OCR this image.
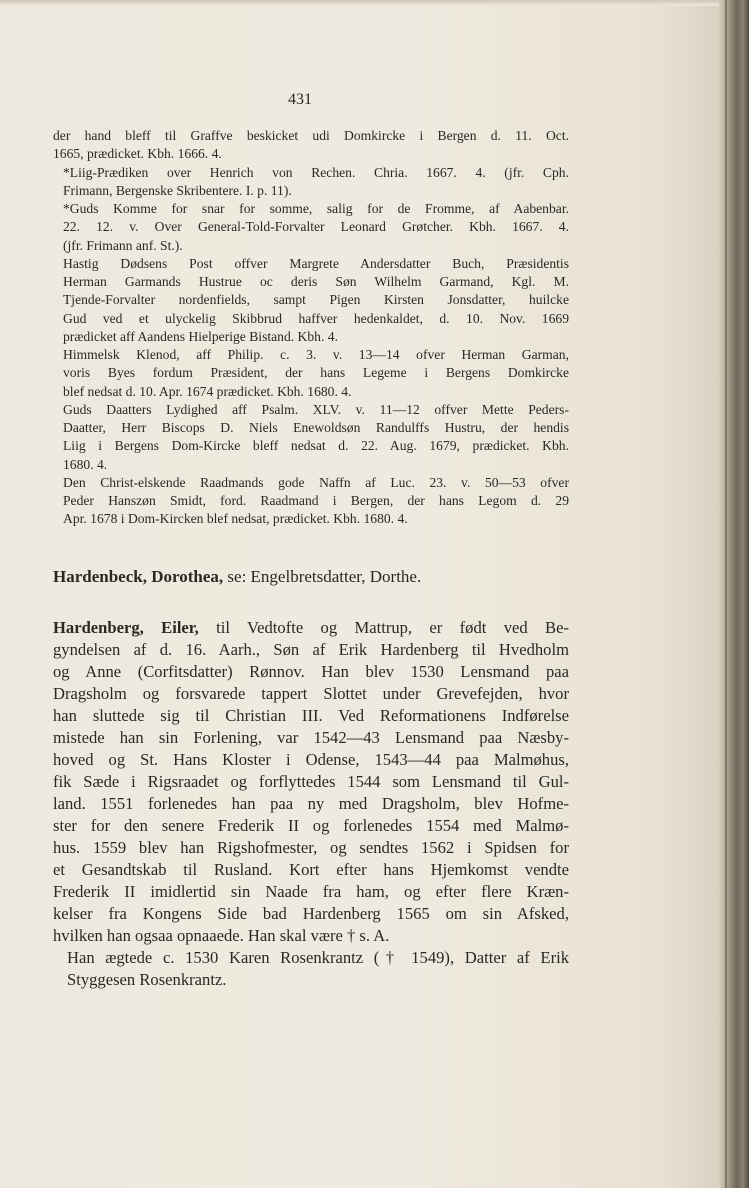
431

der hand bleff til Graffve beskicket udi Domkircke i Bergen d. 11. Oct.
1665, prædicket. Kbh. 1666. 4.

*Liig-Prædiken over Henrich von Rechen. Chria. 1667. 4. (jfr. Cph.
Frimann, Bergenske Skribentere. I. p. 11).

*Guds Komme for snar for somme, salig for de Fromme, af Aabenbar.
22. 12. v. Over General-Told-Forvalter Leonard Grøtcher. Kbh. 1667. 4.
(jfr. Frimann anf. St.).

Hastig Dødsens Post offver Margrete Andersdatter Buch, Præsidentis
Herman Garmands Hustrue oc deris Søn Wilhelm Garmand, Kgl. M.
Tjende-Forvalter nordenfields, sampt Pigen Kirsten Jonsdatter, huilcke
Gud ved et ulyckelig Skibbrud haffver hedenkaldet, d. 10. Nov. 1669
prædicket aff Aandens Hielperige Bistand. Kbh. 4.

Himmelsk Klenod, aff Philip. c. 3. v. 13—14 ofver Herman Garman,
voris Byes fordum Præsident, der hans Legeme i Bergens Domkircke
blef nedsat d. 10. Apr. 1674 prædicket. Kbh. 1680. 4.

Guds Daatters Lydighed aff Psalm. XLV. v. 11—12 offver Mette Peders-
Daatter, Herr Biscops D. Niels Enewoldsøn Randulffs Hustru, der hendis
Liig i Bergens Dom-Kircke bleff nedsat d. 22. Aug. 1679, prædicket. Kbh.
1680. 4.

Den Christ-elskende Raadmands gode Naffn af Luc. 23. v. 50—53 ofver
Peder Hanszøn Smidt, ford. Raadmand i Bergen, der hans Legom d. 29
Apr. 1678 i Dom-Kircken blef nedsat, prædicket. Kbh. 1680. 4.

Hardenbeck, Dorothea, se: Engelbretsdatter, Dorthe.

Hardenberg, Eiler, til Vedtofte og Mattrup, er født ved Be-
gyndelsen af d. 16. Aarh., Søn af Erik Hardenberg til Hvedholm
og Anne (Corfitsdatter) Rønnov. Han blev 1530 Lensmand paa
Dragsholm og forsvarede tappert Slottet under Grevefejden, hvor
han sluttede sig til Christian III. Ved Reformationens Indførelse
mistede han sin Forlening, var 1542—43 Lensmand paa Næsby-
hoved og St. Hans Kloster i Odense, 1543—44 paa Malmøhus,
fik Sæde i Rigsraadet og forflyttedes 1544 som Lensmand til Gul-
land. 1551 forlenedes han paa ny med Dragsholm, blev Hofme-
ster for den senere Frederik II og forlenedes 1554 med Malmø-
hus. 1559 blev han Rigshofmester, og sendtes 1562 i Spidsen for
et Gesandtskab til Rusland. Kort efter hans Hjemkomst vendte
Frederik II imidlertid sin Naade fra ham, og efter flere Kræn-
kelser fra Kongens Side bad Hardenberg 1565 om sin Afsked,
hvilken han ogsaa opnaaede. Han skal være † s. A.

Han ægtede c. 1530 Karen Rosenkrantz († 1549), Datter af Erik
Styggesen Rosenkrantz.
